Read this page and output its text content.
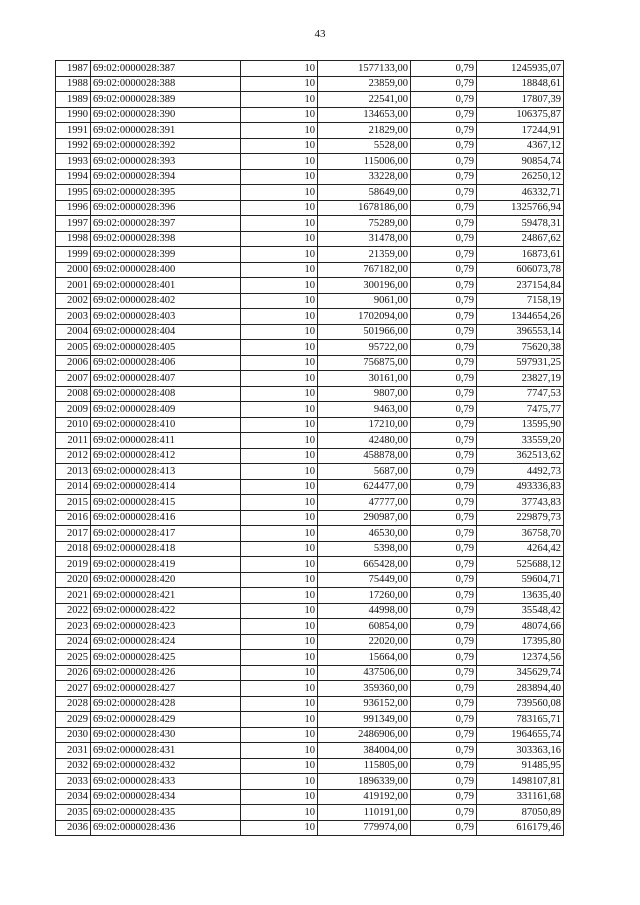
43
1987	69:02:0000028:387	10	1577133,00	0,79	1245935,07
1988	69:02:0000028:388	10	23859,00	0,79	18848,61
1989	69:02:0000028:389	10	22541,00	0,79	17807,39
1990	69:02:0000028:390	10	134653,00	0,79	106375,87
1991	69:02:0000028:391	10	21829,00	0,79	17244,91
1992	69:02:0000028:392	10	5528,00	0,79	4367,12
1993	69:02:0000028:393	10	115006,00	0,79	90854,74
1994	69:02:0000028:394	10	33228,00	0,79	26250,12
1995	69:02:0000028:395	10	58649,00	0,79	46332,71
1996	69:02:0000028:396	10	1678186,00	0,79	1325766,94
1997	69:02:0000028:397	10	75289,00	0,79	59478,31
1998	69:02:0000028:398	10	31478,00	0,79	24867,62
1999	69:02:0000028:399	10	21359,00	0,79	16873,61
2000	69:02:0000028:400	10	767182,00	0,79	606073,78
2001	69:02:0000028:401	10	300196,00	0,79	237154,84
2002	69:02:0000028:402	10	9061,00	0,79	7158,19
2003	69:02:0000028:403	10	1702094,00	0,79	1344654,26
2004	69:02:0000028:404	10	501966,00	0,79	396553,14
2005	69:02:0000028:405	10	95722,00	0,79	75620,38
2006	69:02:0000028:406	10	756875,00	0,79	597931,25
2007	69:02:0000028:407	10	30161,00	0,79	23827,19
2008	69:02:0000028:408	10	9807,00	0,79	7747,53
2009	69:02:0000028:409	10	9463,00	0,79	7475,77
2010	69:02:0000028:410	10	17210,00	0,79	13595,90
2011	69:02:0000028:411	10	42480,00	0,79	33559,20
2012	69:02:0000028:412	10	458878,00	0,79	362513,62
2013	69:02:0000028:413	10	5687,00	0,79	4492,73
2014	69:02:0000028:414	10	624477,00	0,79	493336,83
2015	69:02:0000028:415	10	47777,00	0,79	37743,83
2016	69:02:0000028:416	10	290987,00	0,79	229879,73
2017	69:02:0000028:417	10	46530,00	0,79	36758,70
2018	69:02:0000028:418	10	5398,00	0,79	4264,42
2019	69:02:0000028:419	10	665428,00	0,79	525688,12
2020	69:02:0000028:420	10	75449,00	0,79	59604,71
2021	69:02:0000028:421	10	17260,00	0,79	13635,40
2022	69:02:0000028:422	10	44998,00	0,79	35548,42
2023	69:02:0000028:423	10	60854,00	0,79	48074,66
2024	69:02:0000028:424	10	22020,00	0,79	17395,80
2025	69:02:0000028:425	10	15664,00	0,79	12374,56
2026	69:02:0000028:426	10	437506,00	0,79	345629,74
2027	69:02:0000028:427	10	359360,00	0,79	283894,40
2028	69:02:0000028:428	10	936152,00	0,79	739560,08
2029	69:02:0000028:429	10	991349,00	0,79	783165,71
2030	69:02:0000028:430	10	2486906,00	0,79	1964655,74
2031	69:02:0000028:431	10	384004,00	0,79	303363,16
2032	69:02:0000028:432	10	115805,00	0,79	91485,95
2033	69:02:0000028:433	10	1896339,00	0,79	1498107,81
2034	69:02:0000028:434	10	419192,00	0,79	331161,68
2035	69:02:0000028:435	10	110191,00	0,79	87050,89
2036	69:02:0000028:436	10	779974,00	0,79	616179,46
